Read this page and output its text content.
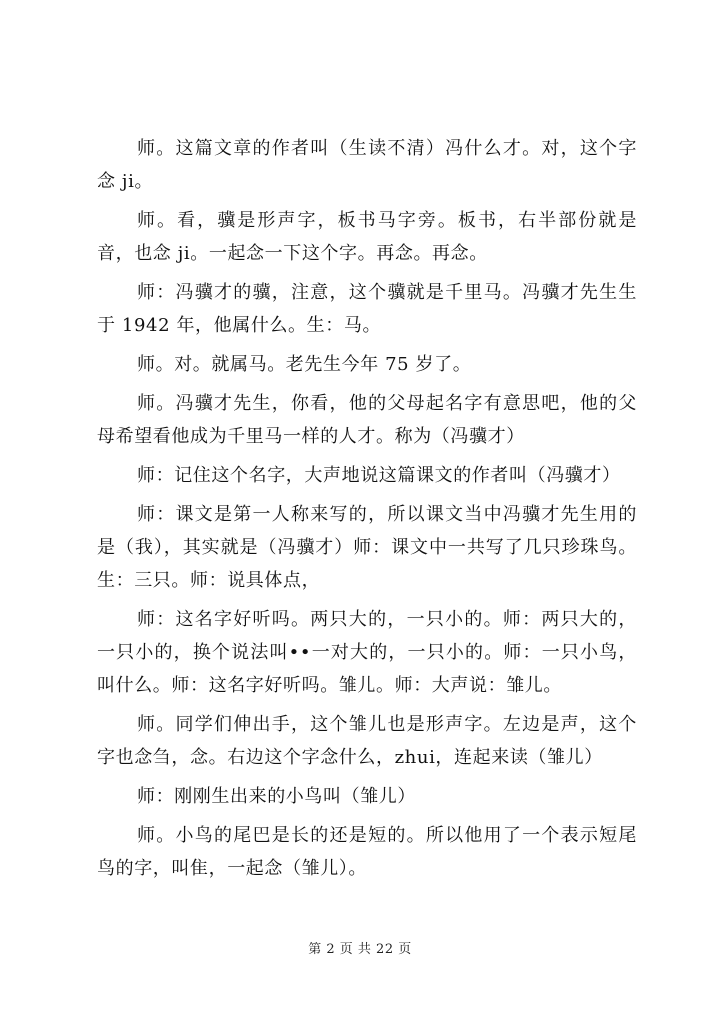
师。这篇文章的作者叫（生读不清）冯什么才。对，这个字念 ji。

师。看，骥是形声字，板书马字旁。板书，右半部份就是音，也念 ji。一起念一下这个字。再念。再念。

师：冯骥才的骥，注意，这个骥就是千里马。冯骥才先生生于 1942 年，他属什么。生：马。

师。对。就属马。老先生今年 75 岁了。

师。冯骥才先生，你看，他的父母起名字有意思吧，他的父母希望看他成为千里马一样的人才。称为（冯骥才）

师：记住这个名字，大声地说这篇课文的作者叫（冯骥才）

师：课文是第一人称来写的，所以课文当中冯骥才先生用的是（我），其实就是（冯骥才）师：课文中一共写了几只珍珠鸟。生：三只。师：说具体点，

师：这名字好听吗。两只大的，一只小的。师：两只大的，一只小的，换个说法叫••一对大的，一只小的。师：一只小鸟，叫什么。师：这名字好听吗。雏儿。师：大声说：雏儿。

师。同学们伸出手，这个雏儿也是形声字。左边是声，这个字也念刍，念。右边这个字念什么，zhui，连起来读（雏儿）

师：刚刚生出来的小鸟叫（雏儿）

师。小鸟的尾巴是长的还是短的。所以他用了一个表示短尾鸟的字，叫隹，一起念（雏儿）。

第 2 页 共 22 页
